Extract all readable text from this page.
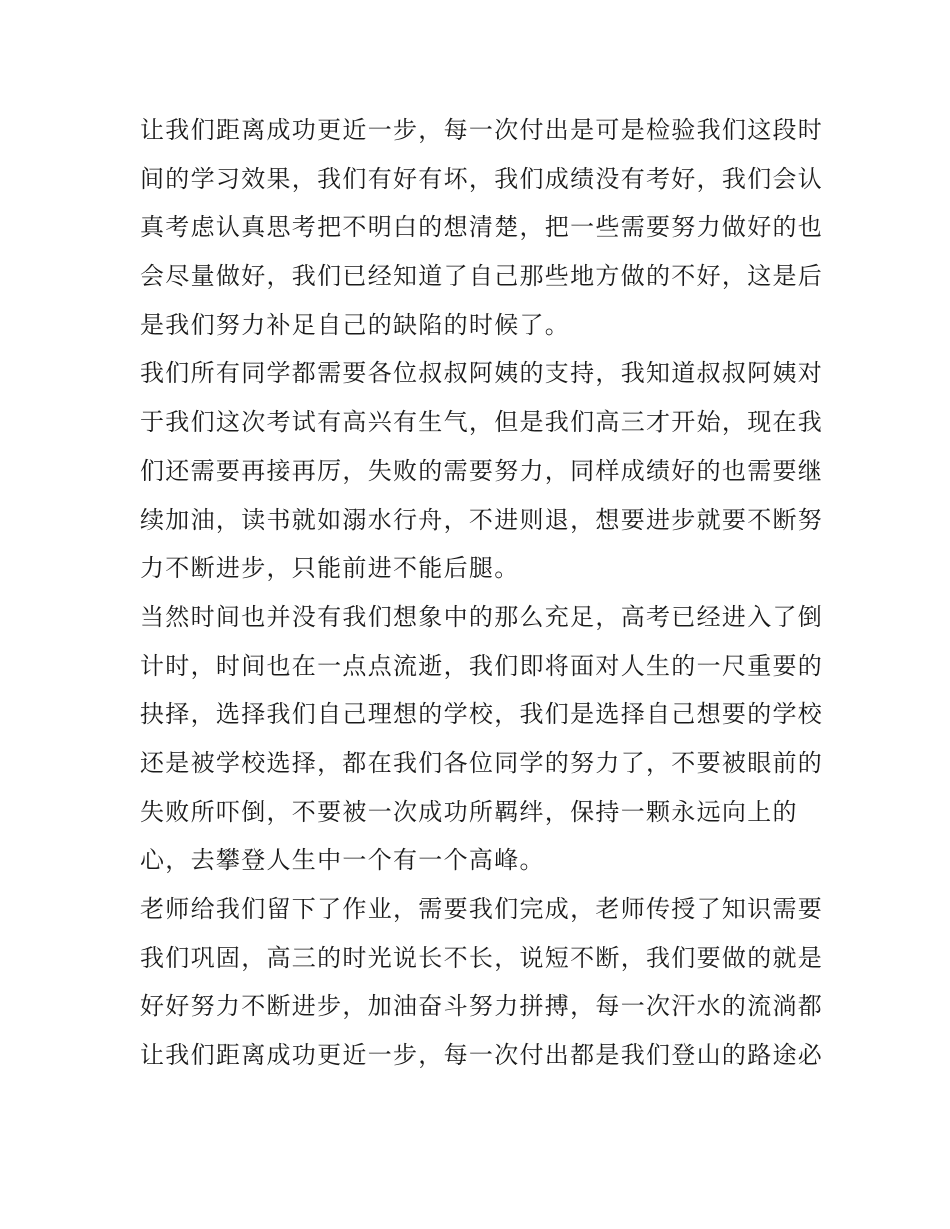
让我们距离成功更近一步，每一次付出是可是检验我们这段时
间的学习效果，我们有好有坏，我们成绩没有考好，我们会认
真考虑认真思考把不明白的想清楚，把一些需要努力做好的也
会尽量做好，我们已经知道了自己那些地方做的不好，这是后
是我们努力补足自己的缺陷的时候了。
我们所有同学都需要各位叔叔阿姨的支持，我知道叔叔阿姨对
于我们这次考试有高兴有生气，但是我们高三才开始，现在我
们还需要再接再厉，失败的需要努力，同样成绩好的也需要继
续加油，读书就如溺水行舟，不进则退，想要进步就要不断努
力不断进步，只能前进不能后腿。
当然时间也并没有我们想象中的那么充足，高考已经进入了倒
计时，时间也在一点点流逝，我们即将面对人生的一尺重要的
抉择，选择我们自己理想的学校，我们是选择自己想要的学校
还是被学校选择，都在我们各位同学的努力了，不要被眼前的
失败所吓倒，不要被一次成功所羁绊，保持一颗永远向上的
心，去攀登人生中一个有一个高峰。
老师给我们留下了作业，需要我们完成，老师传授了知识需要
我们巩固，高三的时光说长不长，说短不断，我们要做的就是
好好努力不断进步，加油奋斗努力拼搏，每一次汗水的流淌都
让我们距离成功更近一步，每一次付出都是我们登山的路途必
